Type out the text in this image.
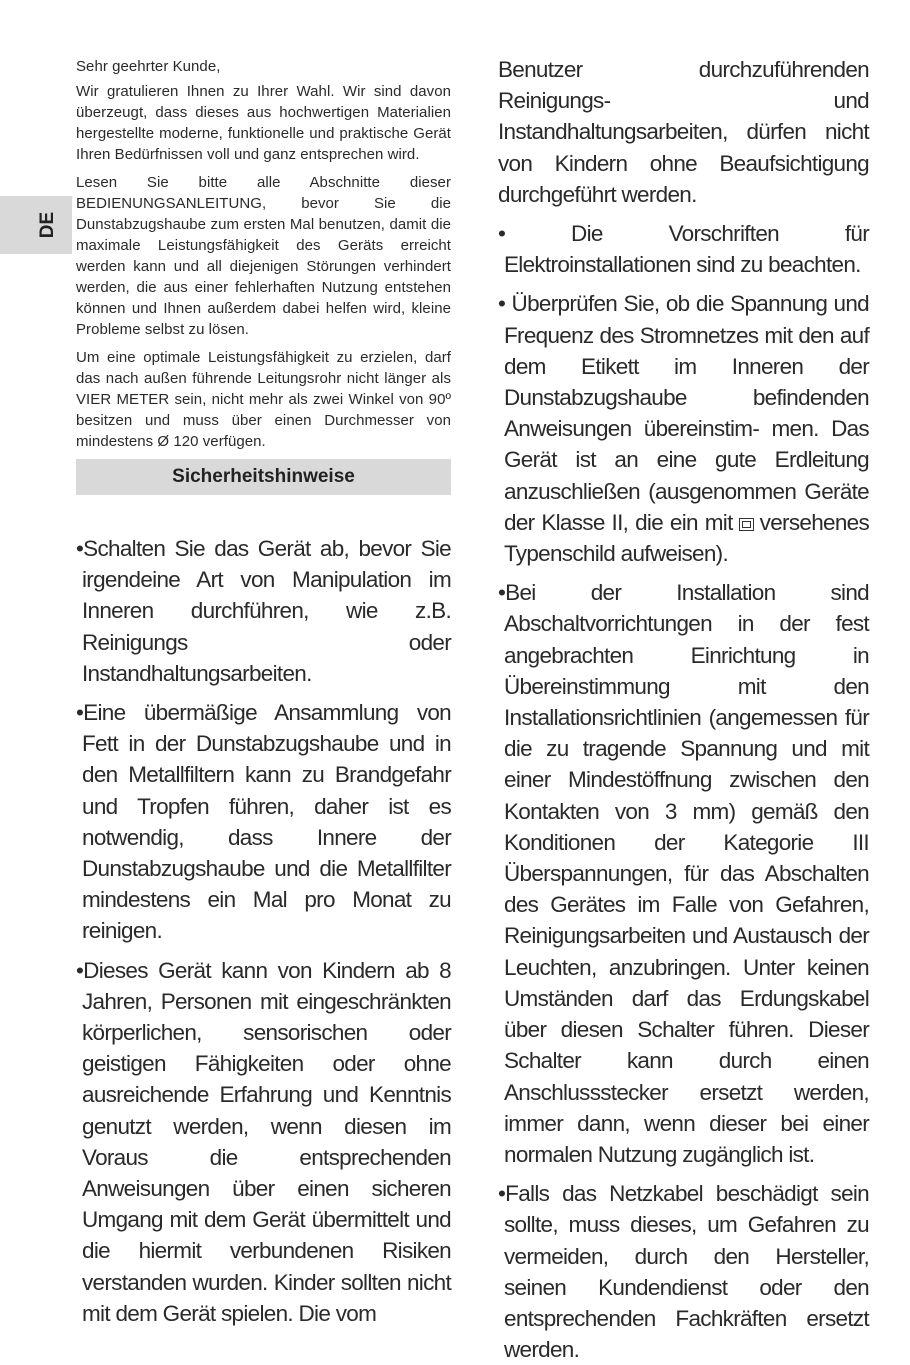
DE

Sehr geehrter Kunde,

Wir gratulieren Ihnen zu Ihrer Wahl. Wir sind davon überzeugt, dass dieses aus hochwertigen Materialien hergestellte moderne, funktionelle und praktische Gerät Ihren Bedürfnissen voll und ganz entsprechen wird.

Lesen Sie bitte alle Abschnitte dieser BEDIENUNGSANLEITUNG, bevor Sie die Dunstabzugshaube zum ersten Mal benutzen, damit die maximale Leistungsfähigkeit des Geräts erreicht werden kann und all diejenigen Störungen verhindert werden, die aus einer fehlerhaften Nutzung entstehen können und Ihnen außerdem dabei helfen wird, kleine Probleme selbst zu lösen.

Um eine optimale Leistungsfähigkeit zu erzielen, darf das nach außen führende Leitungsrohr nicht länger als VIER METER sein, nicht mehr als zwei Winkel von 90º besitzen und muss über einen Durchmesser von mindestens Ø 120 verfügen.

Sicherheitshinweise

•Schalten Sie das Gerät ab, bevor Sie irgendeine Art von Manipulation im Inneren durchführen, wie z.B. Reinigungs oder Instandhaltungsarbeiten.

•Eine übermäßige Ansammlung von Fett in der Dunstabzugshaube und in den Metallfiltern kann zu Brandgefahr und Tropfen führen, daher ist es notwendig, dass Innere der Dunstabzugshaube und die Metallfilter mindestens ein Mal pro Monat zu reinigen.

•Dieses Gerät kann von Kindern ab 8 Jahren, Personen mit eingeschränkten körperlichen, sensorischen oder geistigen Fähigkeiten oder ohne ausreichende Erfahrung und Kenntnis genutzt werden, wenn diesen im Voraus die entsprechenden Anweisungen über einen sicheren Umgang mit dem Gerät übermittelt und die hiermit verbundenen Risiken verstanden wurden. Kinder sollten nicht mit dem Gerät spielen. Die vom

Benutzer durchzuführenden Reinigungs- und Instandhaltungsarbeiten, dürfen nicht von Kindern ohne Beaufsichtigung durchgeführt werden.

• Die Vorschriften für Elektroinstallationen sind zu beachten.

• Überprüfen Sie, ob die Spannung und Frequenz des Stromnetzes mit den auf dem Etikett im Inneren der Dunstabzugshaube befindenden Anweisungen übereinstim- men. Das Gerät ist an eine gute Erdleitung anzuschließen (ausgenommen Geräte der Klasse II, die ein mit versehenes Typenschild aufweisen).

•Bei der Installation sind Abschaltvorrichtungen in der fest angebrachten Einrichtung in Übereinstimmung mit den Installationsrichtlinien (angemessen für die zu tragende Spannung und mit einer Mindestöffnung zwischen den Kontakten von 3 mm) gemäß den Konditionen der Kategorie III Überspannungen, für das Abschalten des Gerätes im Falle von Gefahren, Reinigungsarbeiten und Austausch der Leuchten, anzubringen. Unter keinen Umständen darf das Erdungskabel über diesen Schalter führen. Dieser Schalter kann durch einen Anschlussstecker ersetzt werden, immer dann, wenn dieser bei einer normalen Nutzung zugänglich ist.

•Falls das Netzkabel beschädigt sein sollte, muss dieses, um Gefahren zu vermeiden, durch den Hersteller, seinen Kundendienst oder den entsprechenden Fachkräften ersetzt werden.
